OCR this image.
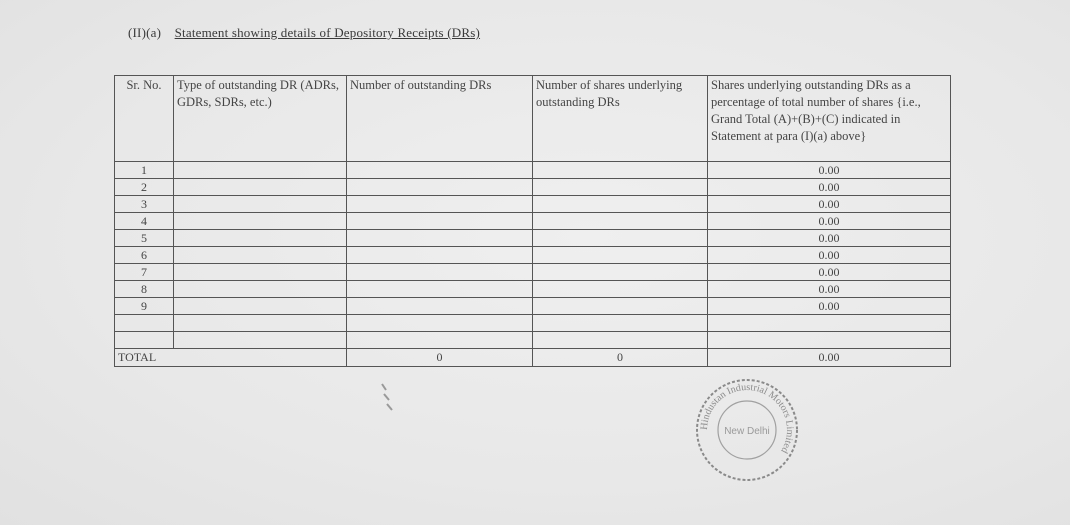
(II)(a) Statement showing details of Depository Receipts (DRs)
Sr. No.	Type of outstanding DR (ADRs, GDRs, SDRs, etc.)	Number of outstanding DRs	Number of shares underlying outstanding DRs	Shares underlying outstanding DRs as a percentage of total number of shares {i.e., Grand Total (A)+(B)+(C) indicated in Statement at para (I)(a) above}
1				0.00
2				0.00
3				0.00
4				0.00
5				0.00
6				0.00
7				0.00
8				0.00
9				0.00

TOTAL		0	0	0.00
Hindustan Industrial Motors Limited
New Delhi
